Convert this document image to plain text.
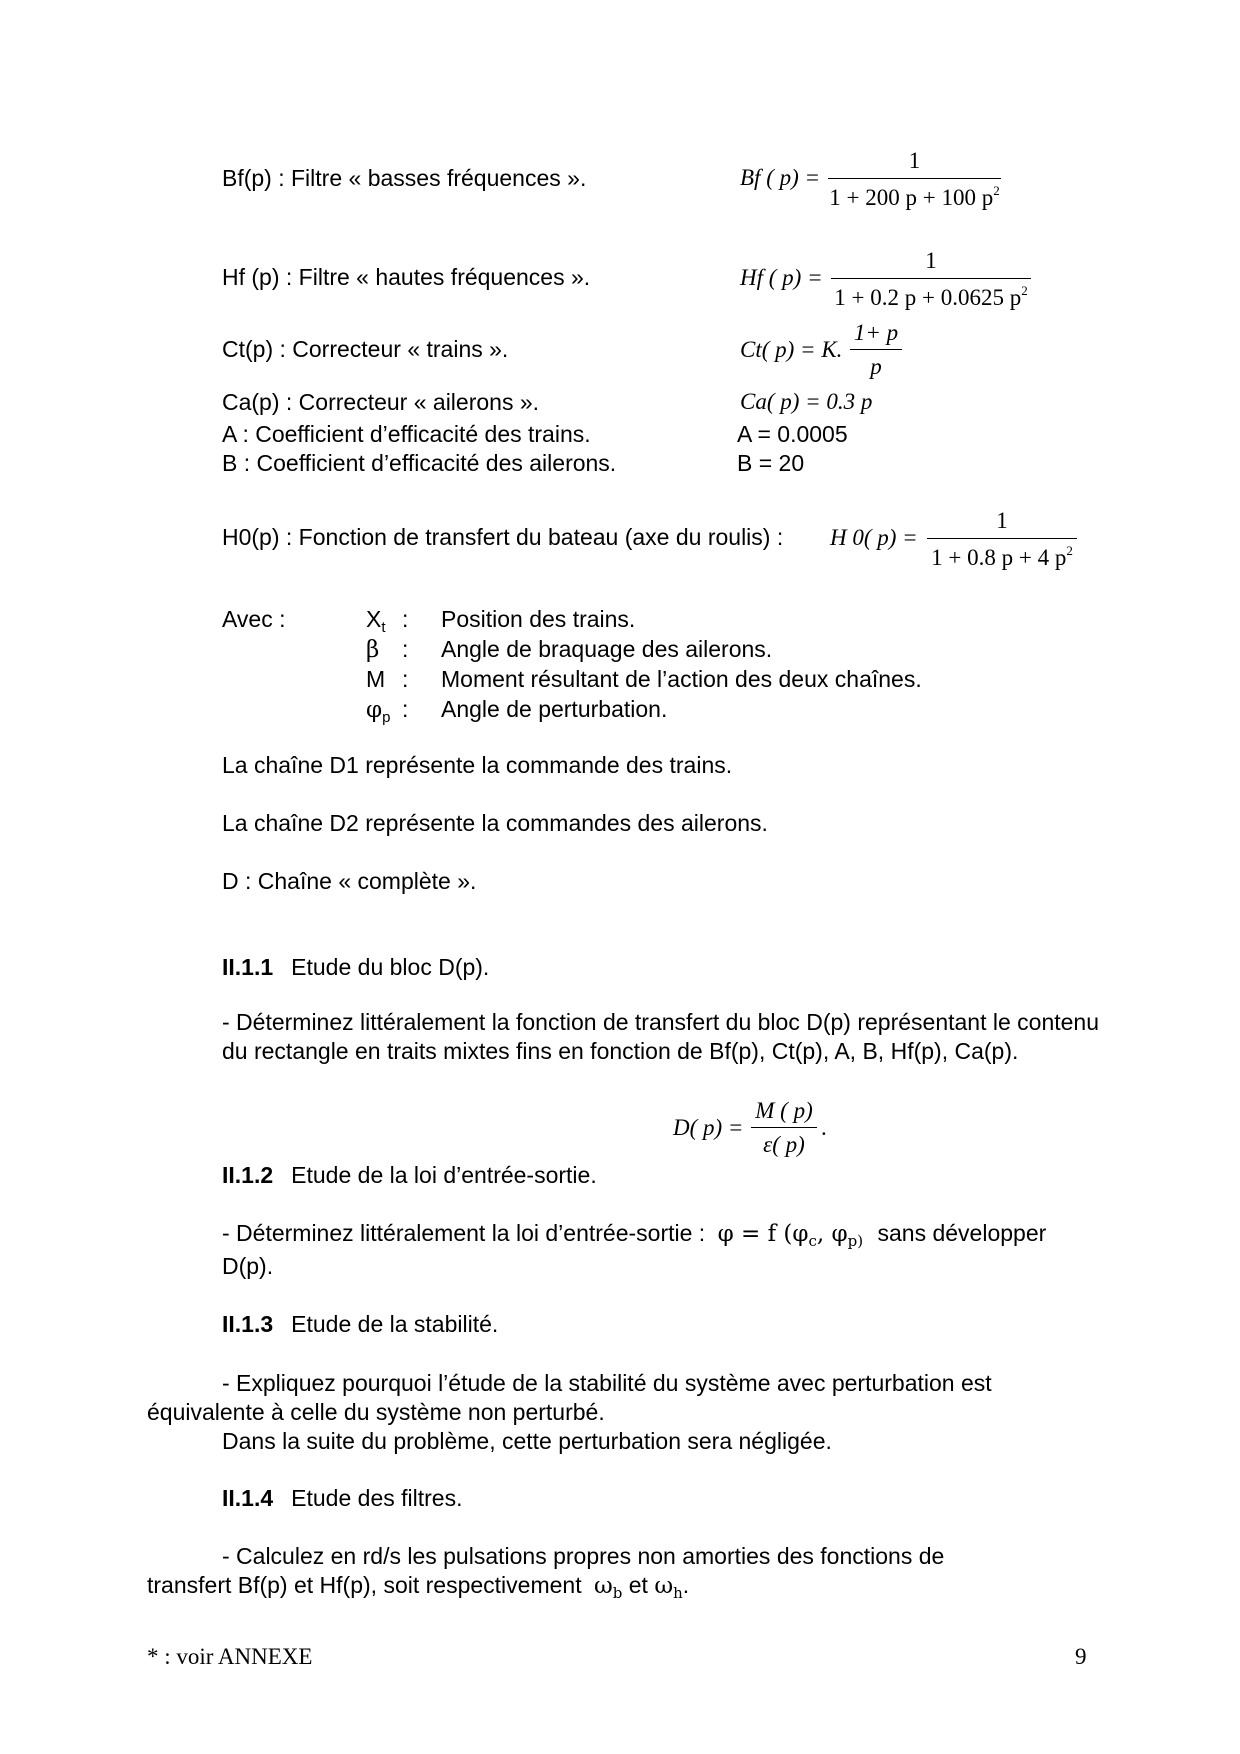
Bf(p) : Filtre « basses fréquences ».
Hf (p) : Filtre « hautes fréquences ».
Ct(p) : Correcteur « trains ».
Ca(p) : Correcteur « ailerons ».
A : Coefficient d’efficacité des trains.
B : Coefficient d’efficacité des ailerons.
A = 0.0005
B = 20
H0(p) : Fonction de transfert du bateau (axe du roulis) :
Bf ( p) =
1
1 + 200 p + 100 $p^2$
Hf ( p) =
1
1 + 0.2 p + 0.0625 $p^2$
Ct( p) = K.
1+ p
p
Ca( p) = 0.3 p
H 0( p) =
1
1 + 0.8 p + 4 $p^2$
Avec :	$X_t$ : Position des trains.
β : Angle de braquage des ailerons.
M : Moment résultant de l’action des deux chaînes.
$\varphi_p$ : Angle de perturbation.
La chaîne D1 représente la commande des trains.
La chaîne D2 représente la commandes des ailerons.
D : Chaîne « complète ».
II.1.1 Etude du bloc D(p).
- Déterminez littéralement la fonction de transfert du bloc D(p) représentant le contenu du rectangle en traits mixtes fins en fonction de Bf(p), Ct(p), A, B, Hf(p), Ca(p).
D( p) =
M ( p)
ε( p)
.
II.1.2 Etude de la loi d’entrée-sortie.
- Déterminez littéralement la loi d’entrée-sortie : φ = f ($\varphi_c$, $\varphi_{p)}$ sans développer
D(p).
II.1.3 Etude de la stabilité.
- Expliquez pourquoi l’étude de la stabilité du système avec perturbation est
équivalente à celle du système non perturbé.
Dans la suite du problème, cette perturbation sera négligée.
II.1.4 Etude des filtres.
- Calculez en rd/s les pulsations propres non amorties des fonctions de
transfert Bf(p) et Hf(p), soit respectivement $\omega_b$ et $\omega_h$.
* : voir ANNEXE	9
